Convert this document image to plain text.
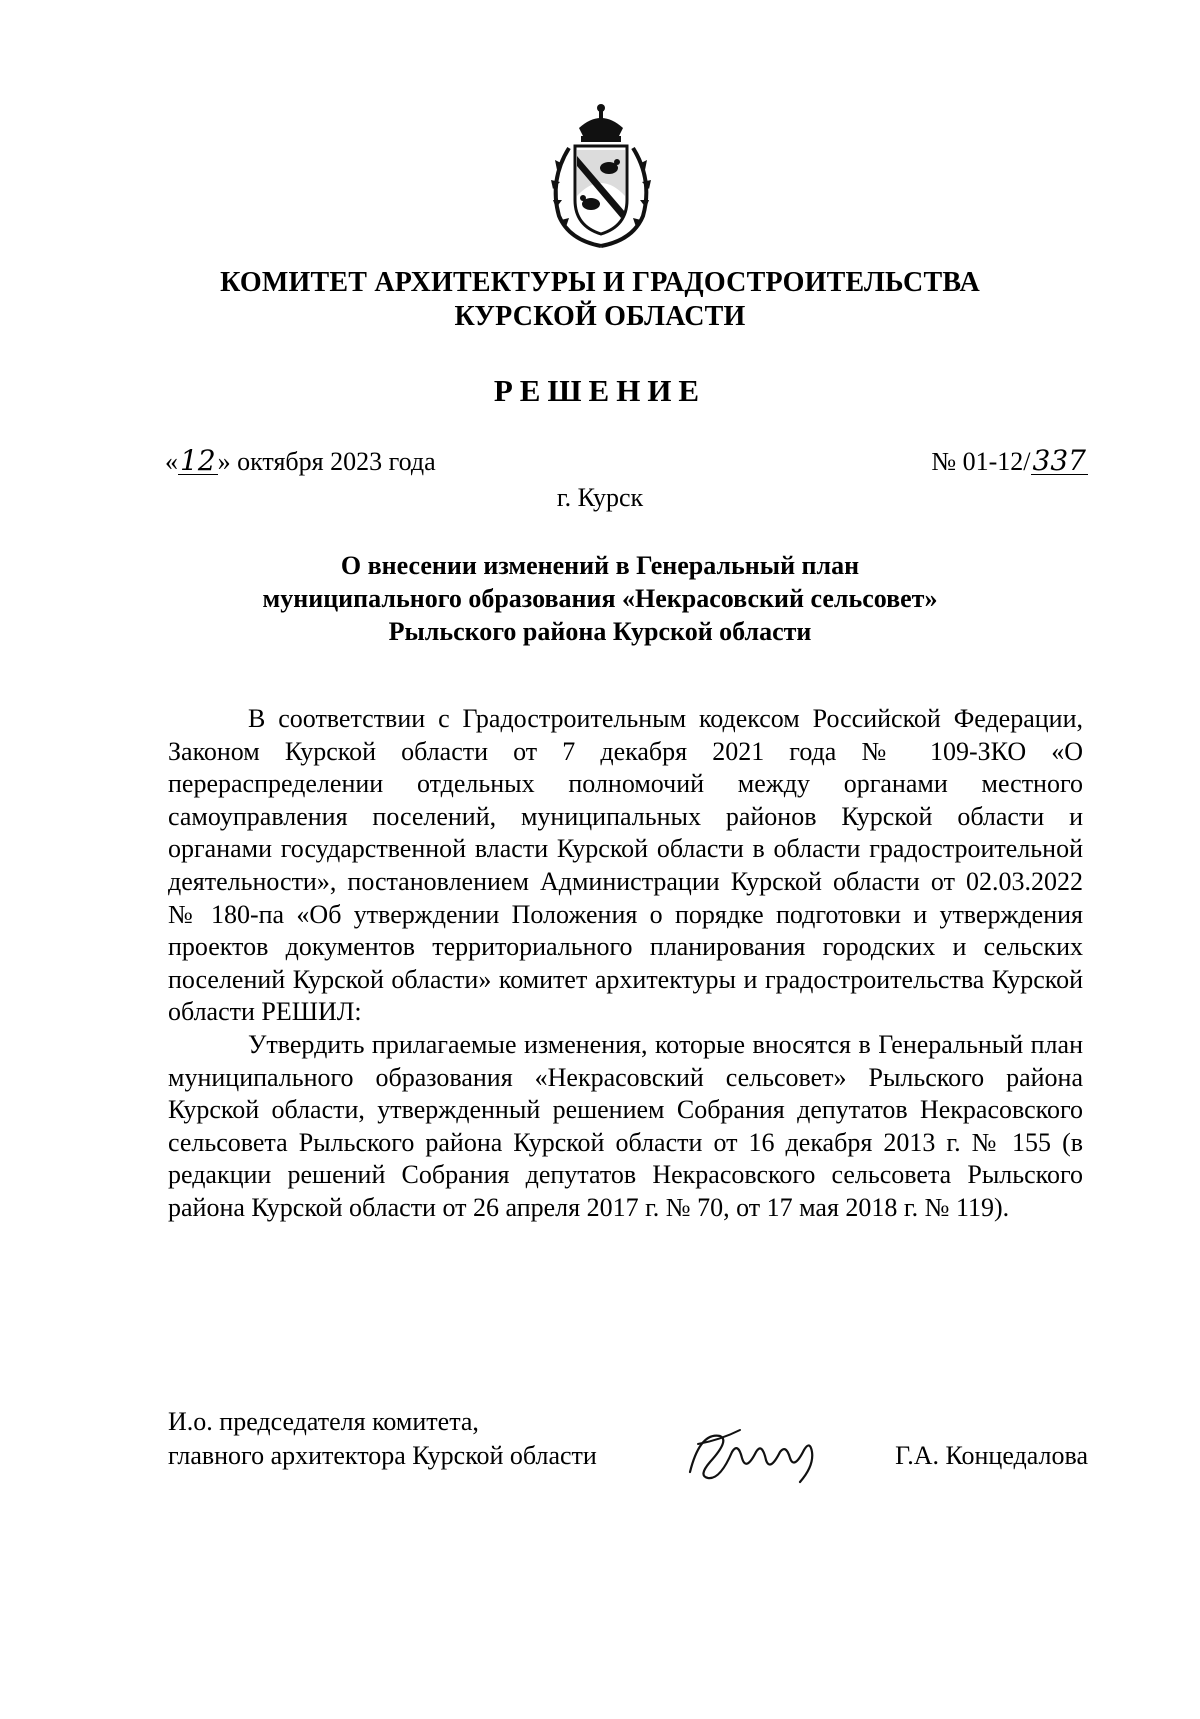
КОМИТЕТ АРХИТЕКТУРЫ И ГРАДОСТРОИТЕЛЬСТВА
КУРСКОЙ ОБЛАСТИ
РЕШЕНИЕ
«12» октября 2023 года	№ 01-12/337
г. Курск
О внесении изменений в Генеральный план
муниципального образования «Некрасовский сельсовет»
Рыльского района Курской области

В соответствии с Градостроительным кодексом Российской Федерации, Законом Курской области от 7 декабря 2021 года № 109-ЗКО «О перераспределении отдельных полномочий между органами местного самоуправления поселений, муниципальных районов Курской области и органами государственной власти Курской области в области градостроительной деятельности», постановлением Администрации Курской области от 02.03.2022 № 180-па «Об утверждении Положения о порядке подготовки и утверждения проектов документов территориального планирования городских и сельских поселений Курской области» комитет архитектуры и градостроительства Курской области РЕШИЛ:

Утвердить прилагаемые изменения, которые вносятся в Генеральный план муниципального образования «Некрасовский сельсовет» Рыльского района Курской области, утвержденный решением Собрания депутатов Некрасовского сельсовета Рыльского района Курской области от 16 декабря 2013 г. № 155 (в редакции решений Собрания депутатов Некрасовского сельсовета Рыльского района Курской области от 26 апреля 2017 г. № 70, от 17 мая 2018 г. № 119).

И.о. председателя комитета,
главного архитектора Курской области	Г.А. Концедалова
